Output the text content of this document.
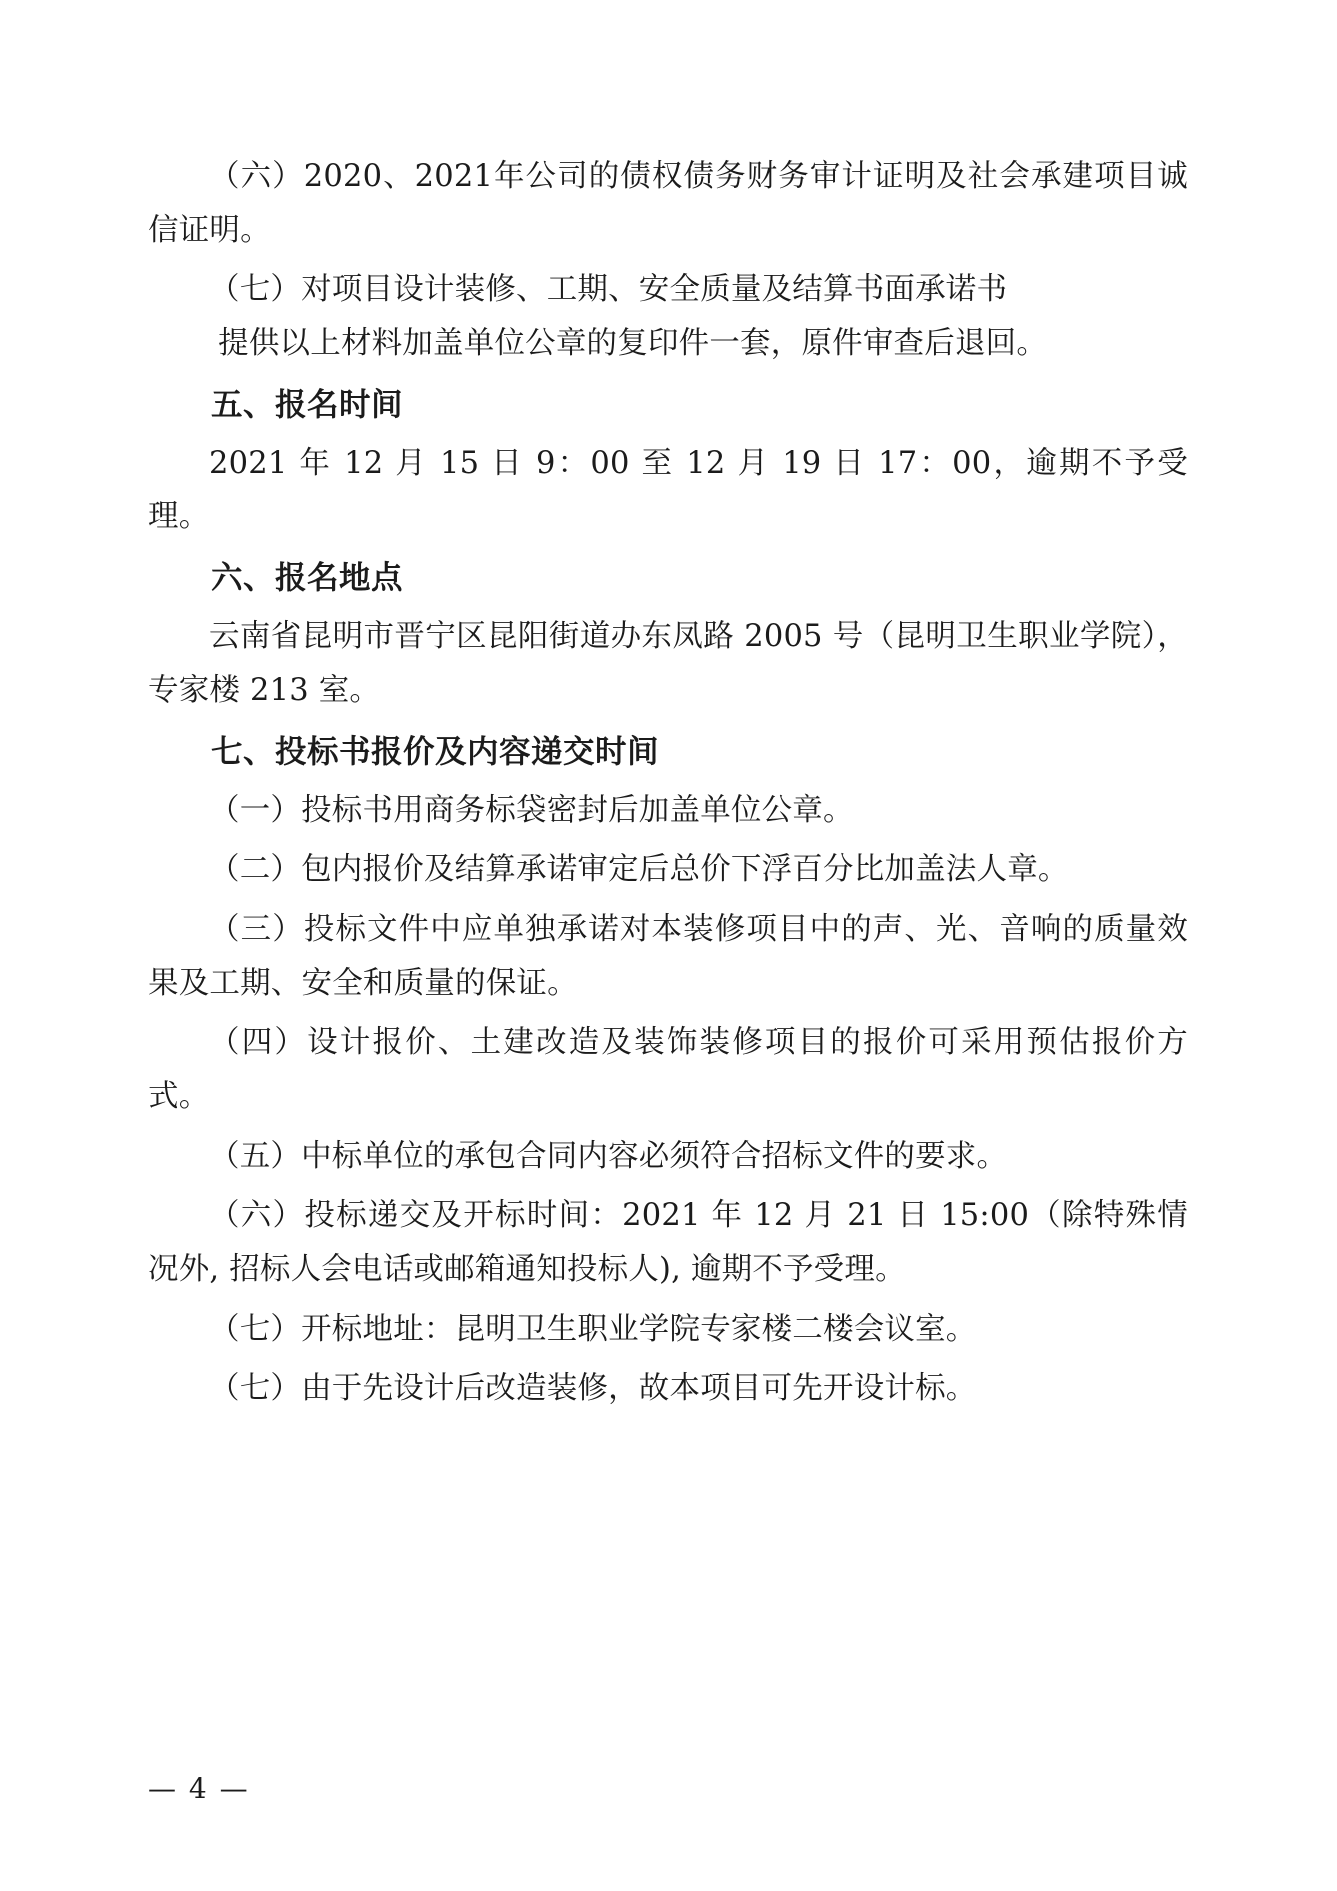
（六）2020、2021年公司的债权债务财务审计证明及社会承建项目诚信证明。

（七）对项目设计装修、工期、安全质量及结算书面承诺书

提供以上材料加盖单位公章的复印件一套，原件审查后退回。

五、报名时间

2021 年 12 月 15 日 9：00 至 12 月 19 日 17：00，逾期不予受理。

六、报名地点

云南省昆明市晋宁区昆阳街道办东凤路 2005 号（昆明卫生职业学院），专家楼 213 室。

七、投标书报价及内容递交时间

（一）投标书用商务标袋密封后加盖单位公章。

（二）包内报价及结算承诺审定后总价下浮百分比加盖法人章。

（三）投标文件中应单独承诺对本装修项目中的声、光、音响的质量效果及工期、安全和质量的保证。

（四）设计报价、土建改造及装饰装修项目的报价可采用预估报价方式。

（五）中标单位的承包合同内容必须符合招标文件的要求。

（六）投标递交及开标时间：2021 年 12 月 21 日 15:00（除特殊情况外, 招标人会电话或邮箱通知投标人), 逾期不予受理。

（七）开标地址：昆明卫生职业学院专家楼二楼会议室。

（七）由于先设计后改造装修，故本项目可先开设计标。

— 4 —
